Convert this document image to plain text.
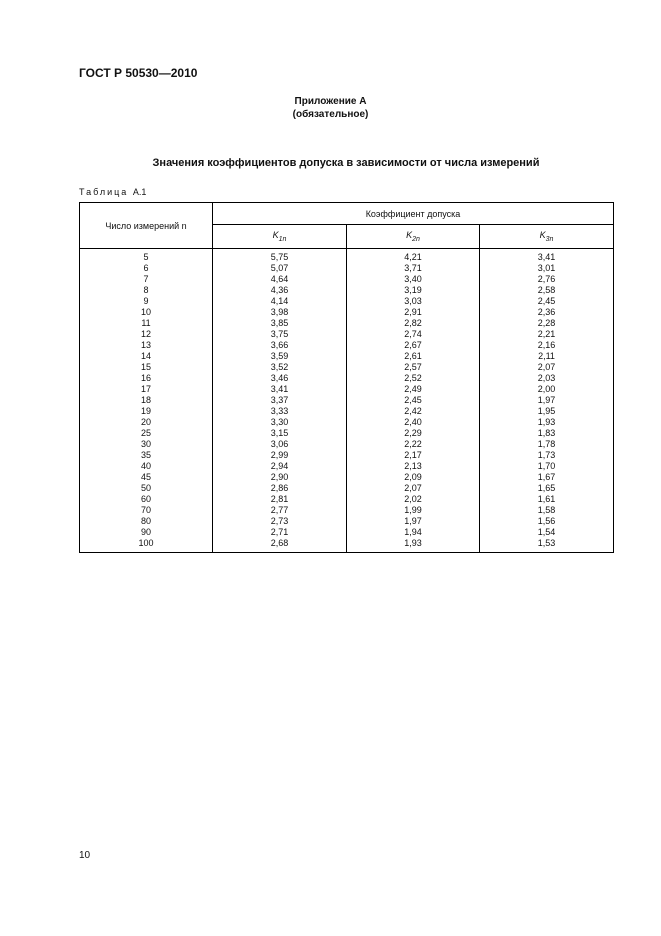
ГОСТ Р 50530—2010
Приложение А
(обязательное)
Значения коэффициентов допуска в зависимости от числа измерений
Таблица А.1
Число измерений n	Коэффициент допуска		
	$K_{1n}$	$K_{2n}$	$K_{3n}$
5	5,75	4,21	3,41
6	5,07	3,71	3,01
7	4,64	3,40	2,76
8	4,36	3,19	2,58
9	4,14	3,03	2,45
10	3,98	2,91	2,36
11	3,85	2,82	2,28
12	3,75	2,74	2,21
13	3,66	2,67	2,16
14	3,59	2,61	2,11
15	3,52	2,57	2,07
16	3,46	2,52	2,03
17	3,41	2,49	2,00
18	3,37	2,45	1,97
19	3,33	2,42	1,95
20	3,30	2,40	1,93
25	3,15	2,29	1,83
30	3,06	2,22	1,78
35	2,99	2,17	1,73
40	2,94	2,13	1,70
45	2,90	2,09	1,67
50	2,86	2,07	1,65
60	2,81	2,02	1,61
70	2,77	1,99	1,58
80	2,73	1,97	1,56
90	2,71	1,94	1,54
100	2,68	1,93	1,53
10
